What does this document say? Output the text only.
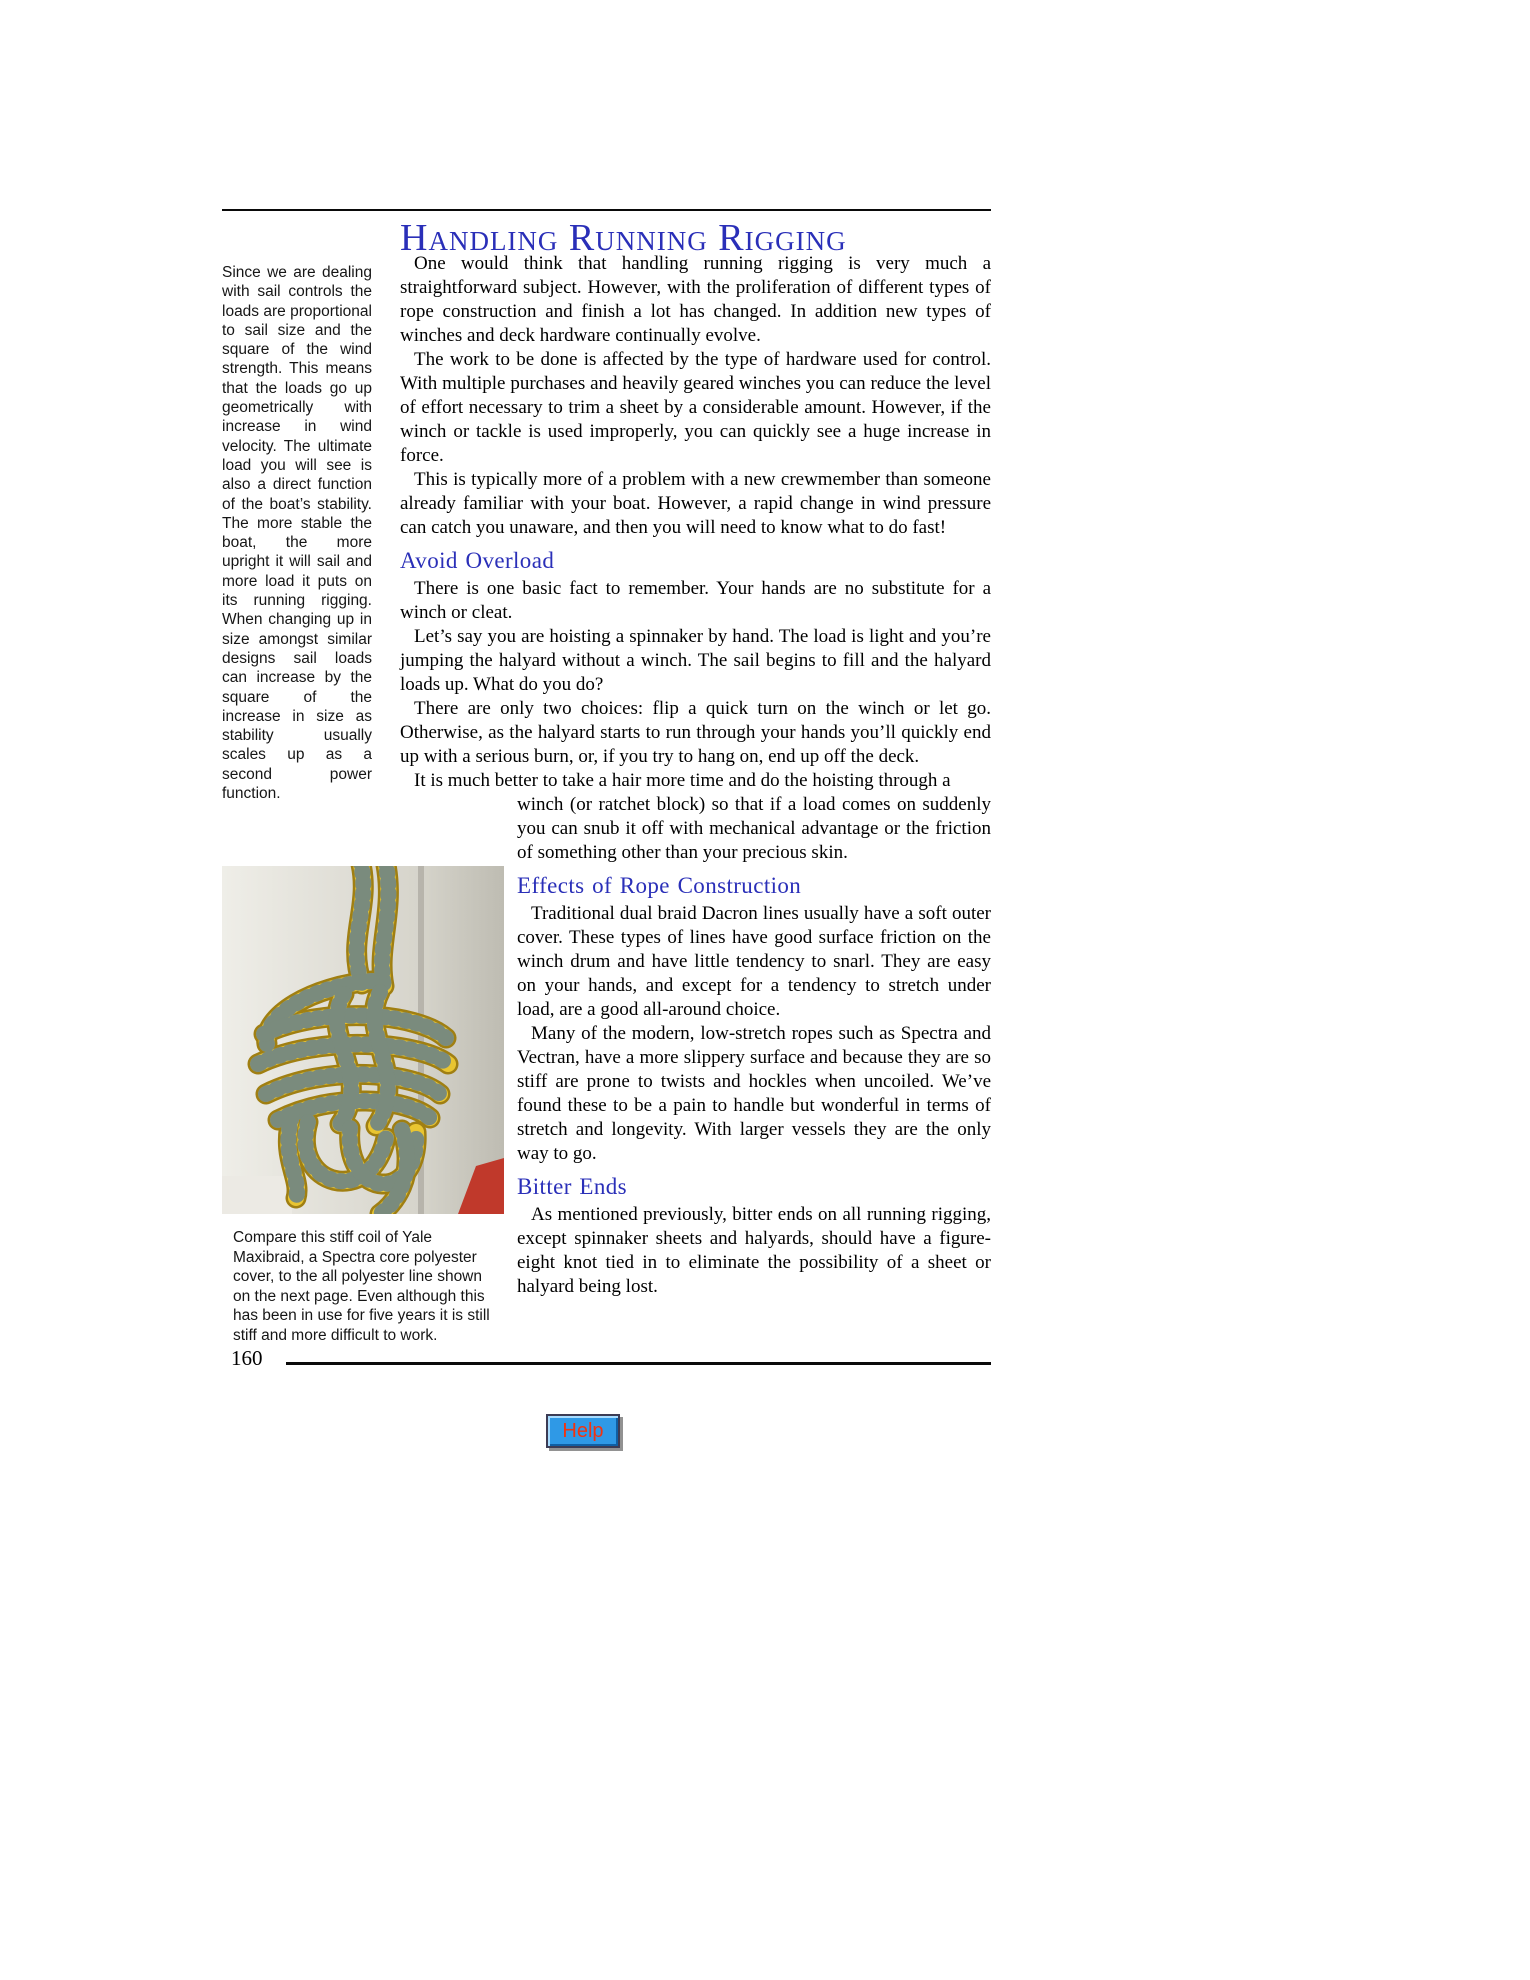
Handling Running Rigging
Since we are dealing with sail controls the loads are proportional to sail size and the square of the wind strength. This means that the loads go up geometrically with increase in wind velocity. The ultimate load you will see is also a direct function of the boat’s stability. The more stable the boat, the more upright it will sail and more load it puts on its running rigging. When changing up in size amongst similar designs sail loads can increase by the square of the increase in size as stability usually scales up as a second power function.

One would think that handling running rigging is very much a straightforward subject. However, with the proliferation of different types of rope construction and finish a lot has changed. In addition new types of winches and deck hardware continually evolve.

The work to be done is affected by the type of hardware used for control. With multiple purchases and heavily geared winches you can reduce the level of effort necessary to trim a sheet by a considerable amount. However, if the winch or tackle is used improperly, you can quickly see a huge increase in force.

This is typically more of a problem with a new crewmember than someone already familiar with your boat. However, a rapid change in wind pressure can catch you unaware, and then you will need to know what to do fast!

Avoid Overload

There is one basic fact to remember. Your hands are no substitute for a winch or cleat.

Let’s say you are hoisting a spinnaker by hand. The load is light and you’re jumping the halyard without a winch. The sail begins to fill and the halyard loads up. What do you do?

There are only two choices: flip a quick turn on the winch or let go. Otherwise, as the halyard starts to run through your hands you’ll quickly end up with a serious burn, or, if you try to hang on, end up off the deck.

It is much better to take a hair more time and do the hoisting through a

winch (or ratchet block) so that if a load comes on suddenly you can snub it off with mechanical advantage or the friction of something other than your precious skin.

Effects of Rope Construction

Traditional dual braid Dacron lines usually have a soft outer cover. These types of lines have good surface friction on the winch drum and have little tendency to snarl. They are easy on your hands, and except for a tendency to stretch under load, are a good all-around choice.

Many of the modern, low-stretch ropes such as Spectra and Vectran, have a more slippery surface and because they are so stiff are prone to twists and hockles when uncoiled. We’ve found these to be a pain to handle but wonderful in terms of stretch and longevity. With larger vessels they are the only way to go.

Bitter Ends

As mentioned previously, bitter ends on all running rigging, except spinnaker sheets and halyards, should have a figure-eight knot tied in to eliminate the possibility of a sheet or halyard being lost.

Compare this stiff coil of Yale Maxibraid, a Spectra core polyester cover, to the all polyester line shown on the next page. Even although this has been in use for five years it is still stiff and more difficult to work.
160
Help
